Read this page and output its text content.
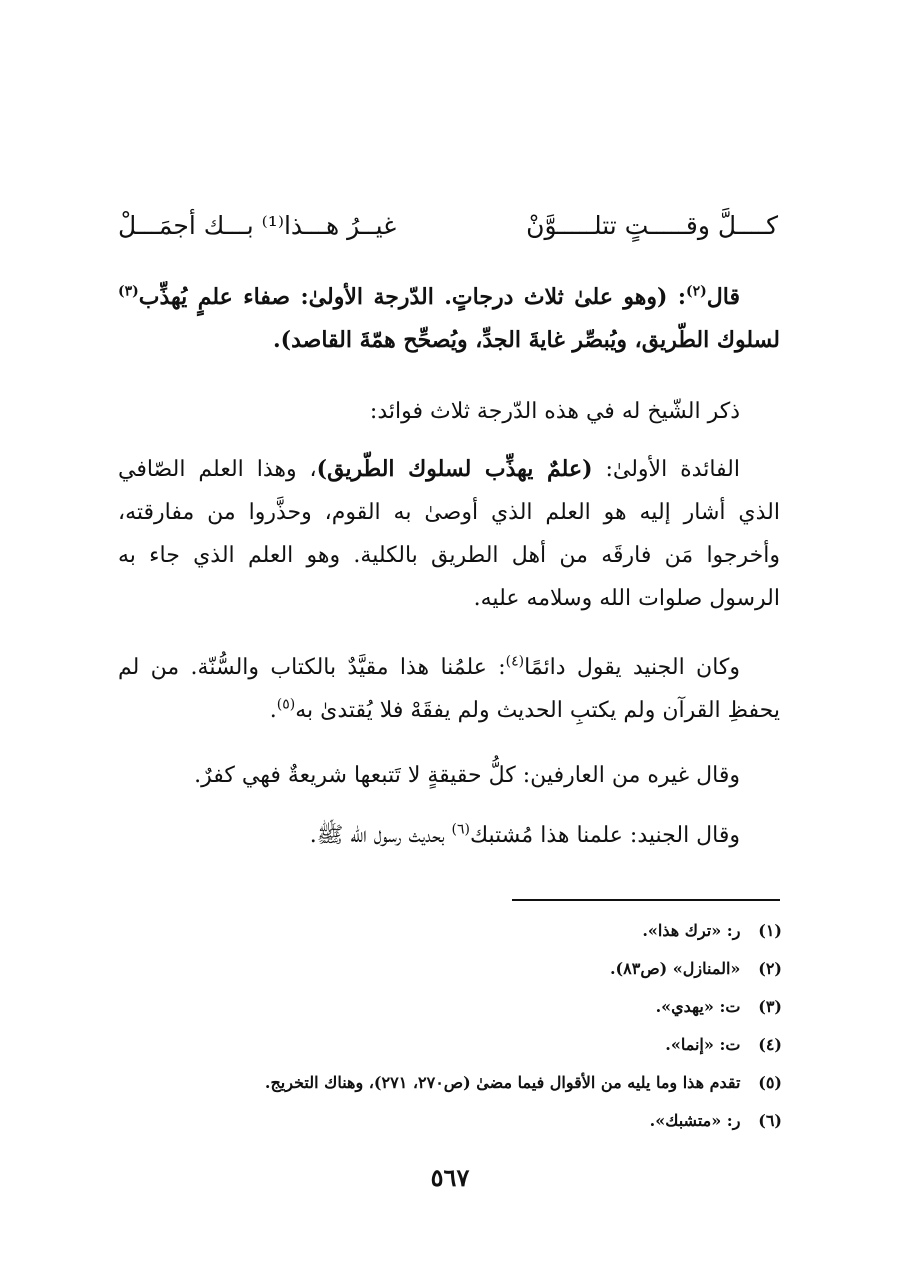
كــــلَّ وقـــــتٍ تتلـــــوَّنْ
غيــرُ هـــذا⁽¹⁾ بـــك أجمَـــلْ
قال$^{(٢)}$: (وهو علىٰ ثلاث درجاتٍ. الدّرجة الأولىٰ: صفاء علمٍ يُهذِّب$^{(٣)}$ لسلوك الطّريق، ويُبصِّر غايةَ الجدِّ، ويُصحِّح همّةَ القاصد).
ذكر الشّيخ له في هذه الدّرجة ثلاث فوائد:
الفائدة الأولىٰ: (علمٌ يهذِّب لسلوك الطّريق)، وهذا العلم الصّافي الذي أشار إليه هو العلم الذي أوصىٰ به القوم، وحذَّروا من مفارقته، وأخرجوا مَن فارقَه من أهل الطريق بالكلية. وهو العلم الذي جاء به الرسول صلوات الله وسلامه عليه.
وكان الجنيد يقول دائمًا$^{(٤)}$: علمُنا هذا مقيَّدٌ بالكتاب والسُّنّة. من لم يحفظِ القرآن ولم يكتبِ الحديث ولم يفقَهْ فلا يُقتدىٰ به$^{(٥)}$.
وقال غيره من العارفين: كلُّ حقيقةٍ لا تَتبعها شريعةٌ فهي كفرٌ.
وقال الجنيد: علمنا هذا مُشتبك$^{(٦)}$ بحديث رسول الله ﷺ.
(١) ر: «ترك هذا».
(٢) «المنازل» (ص٨٣).
(٣) ت: «يهدي».
(٤) ت: «إنما».
(٥) تقدم هذا وما يليه من الأقوال فيما مضىٰ (ص٢٧٠، ٢٧١)، وهناك التخريج.
(٦) ر: «متشبك».
٥٦٧
